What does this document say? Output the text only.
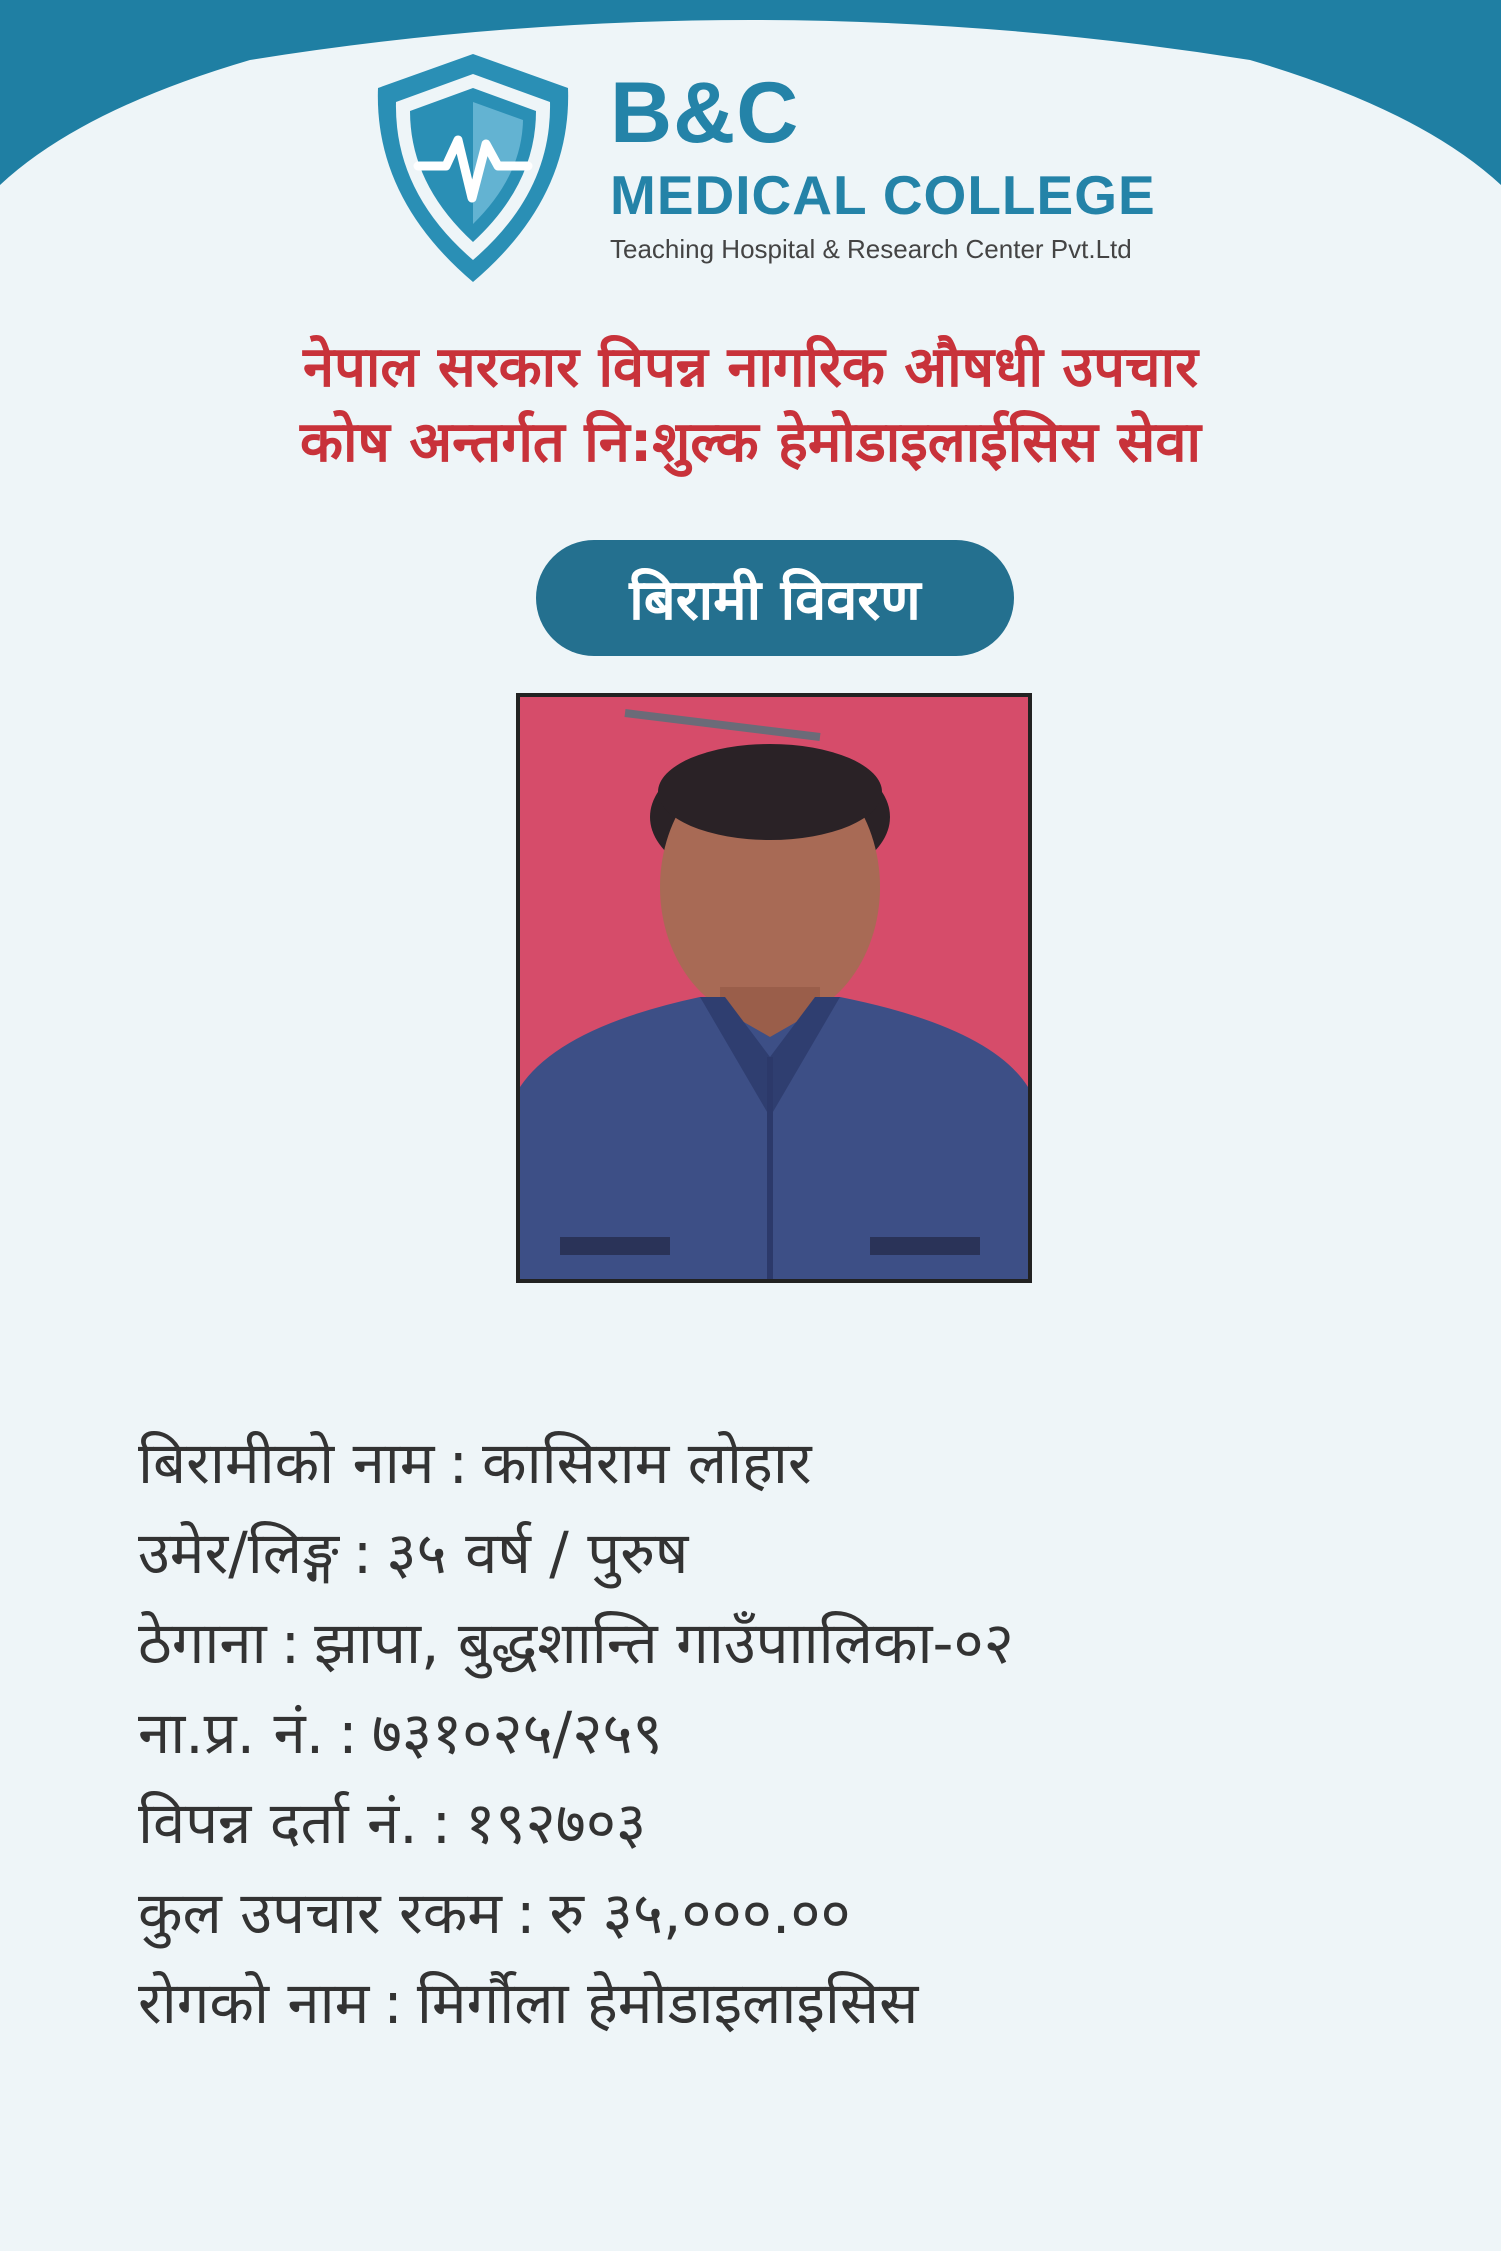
B&C
MEDICAL COLLEGE
Teaching Hospital & Research Center Pvt.Ltd
नेपाल सरकार विपन्न नागरिक औषधी उपचार
कोष अन्तर्गत नि:शुल्क हेमोडाइलाईसिस सेवा
बिरामी विवरण
बिरामीको नाम : कासिराम लोहार
उमेर/लिङ्ग : ३५ वर्ष / पुरुष
ठेगाना : झापा, बुद्धशान्ति गाउँपाालिका-०२
ना.प्र. नं. : ७३१०२५/२५९
विपन्न दर्ता नं. : १९२७०३
कुल उपचार रकम : रु ३५,०००.००
रोगको नाम : मिर्गौला हेमोडाइलाइसिस
